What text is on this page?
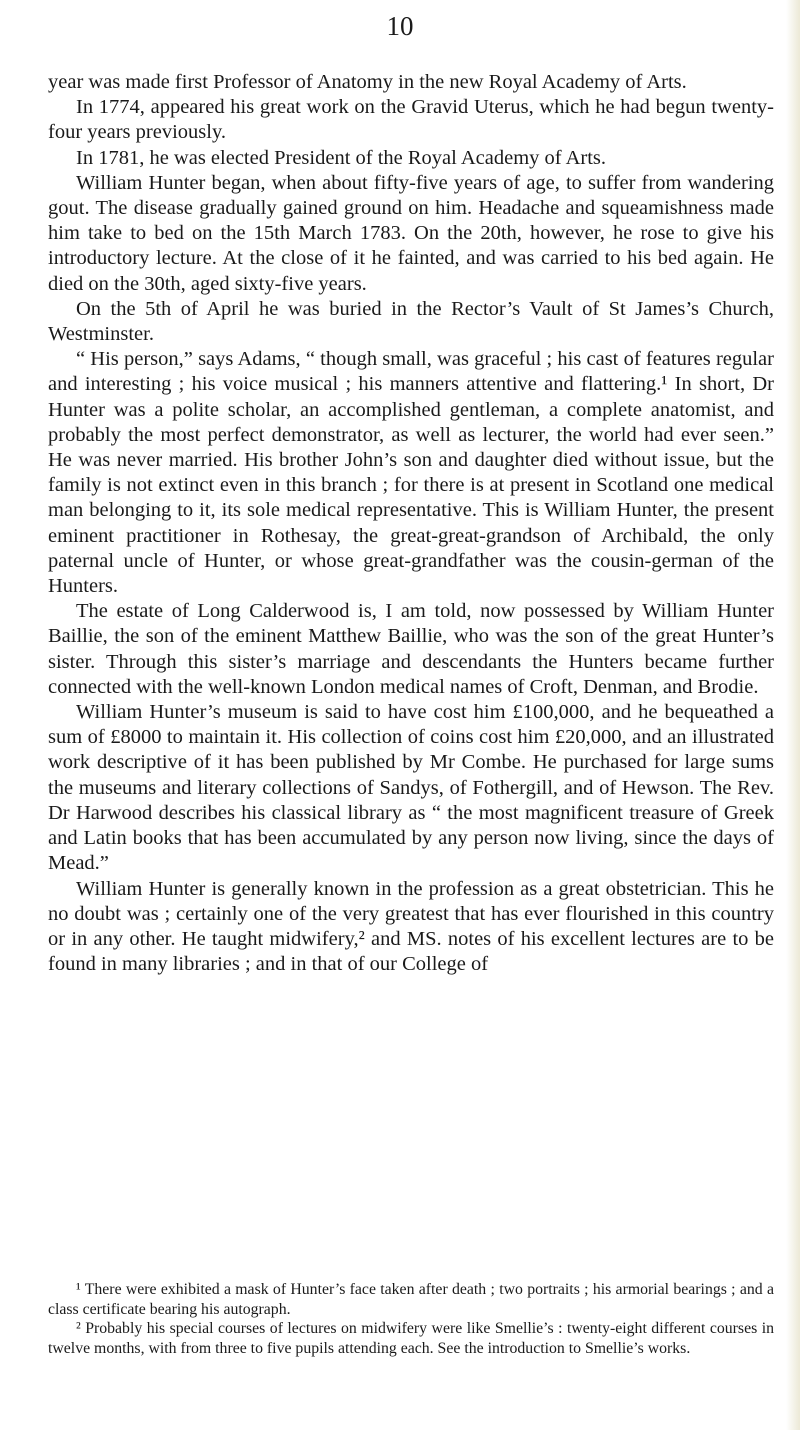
10

year was made first Professor of Anatomy in the new Royal Academy of Arts.

In 1774, appeared his great work on the Gravid Uterus, which he had begun twenty-four years previously.

In 1781, he was elected President of the Royal Academy of Arts.

William Hunter began, when about fifty-five years of age, to suffer from wandering gout. The disease gradually gained ground on him. Headache and squeamishness made him take to bed on the 15th March 1783. On the 20th, however, he rose to give his introductory lecture. At the close of it he fainted, and was carried to his bed again. He died on the 30th, aged sixty-five years.

On the 5th of April he was buried in the Rector’s Vault of St James’s Church, Westminster.

“ His person,” says Adams, “ though small, was graceful ; his cast of features regular and interesting ; his voice musical ; his manners attentive and flattering.¹ In short, Dr Hunter was a polite scholar, an accomplished gentleman, a complete anatomist, and probably the most perfect demonstrator, as well as lecturer, the world had ever seen.” He was never married. His brother John’s son and daughter died without issue, but the family is not extinct even in this branch ; for there is at present in Scotland one medical man belonging to it, its sole medical representative. This is William Hunter, the present eminent practitioner in Rothesay, the great-great-grandson of Archibald, the only paternal uncle of Hunter, or whose great-grandfather was the cousin-german of the Hunters.

The estate of Long Calderwood is, I am told, now possessed by William Hunter Baillie, the son of the eminent Matthew Baillie, who was the son of the great Hunter’s sister. Through this sister’s marriage and descendants the Hunters became further connected with the well-known London medical names of Croft, Denman, and Brodie.

William Hunter’s museum is said to have cost him £100,000, and he bequeathed a sum of £8000 to maintain it. His collection of coins cost him £20,000, and an illustrated work descriptive of it has been published by Mr Combe. He purchased for large sums the museums and literary collections of Sandys, of Fothergill, and of Hewson. The Rev. Dr Harwood describes his classical library as “ the most magnificent treasure of Greek and Latin books that has been accumulated by any person now living, since the days of Mead.”

William Hunter is generally known in the profession as a great obstetrician. This he no doubt was ; certainly one of the very greatest that has ever flourished in this country or in any other. He taught midwifery,² and MS. notes of his excellent lectures are to be found in many libraries ; and in that of our College of

¹ There were exhibited a mask of Hunter’s face taken after death ; two portraits ; his armorial bearings ; and a class certificate bearing his autograph.

² Probably his special courses of lectures on midwifery were like Smellie’s : twenty-eight different courses in twelve months, with from three to five pupils attending each. See the introduction to Smellie’s works.
